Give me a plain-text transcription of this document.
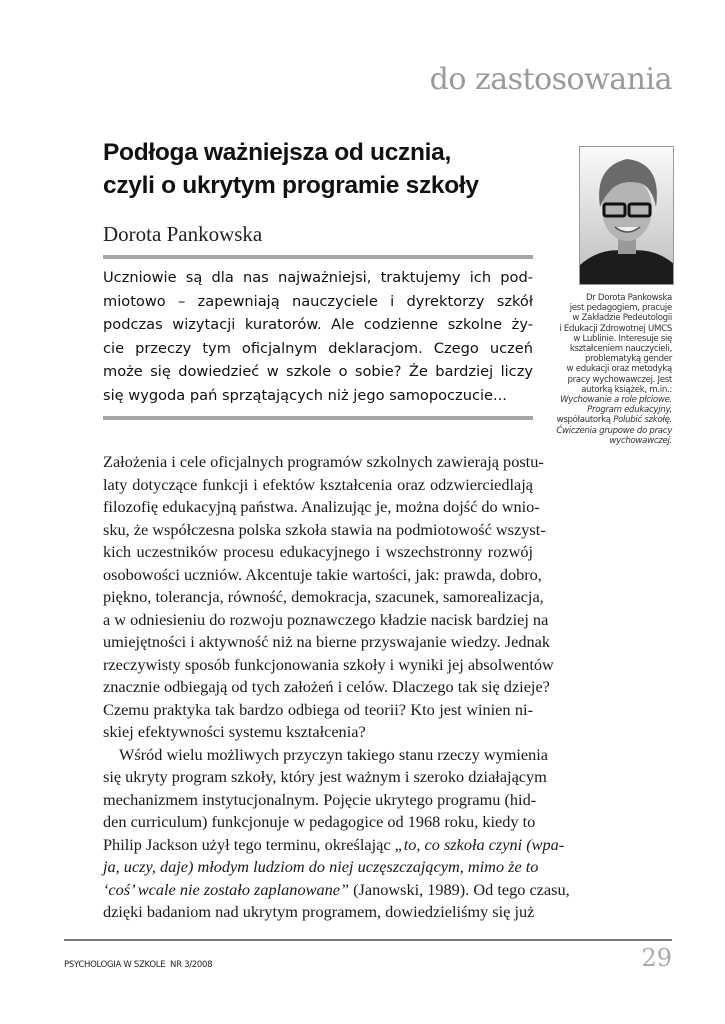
do zastosowania
Podłoga ważniejsza od ucznia,
czyli o ukrytym programie szkoły
Dorota Pankowska
Uczniowie są dla nas najważniejsi, traktujemy ich pod-
miotowo – zapewniają nauczyciele i dyrektorzy szkół
podczas wizytacji kuratorów. Ale codzienne szkolne ży-
cie przeczy tym oficjalnym deklaracjom. Czego uczeń
może się dowiedzieć w szkole o sobie? Że bardziej liczy
się wygoda pań sprzątających niż jego samopoczucie...
Założenia i cele oficjalnych programów szkolnych zawierają postu-
laty dotyczące funkcji i efektów kształcenia oraz odzwierciedlają
filozofię edukacyjną państwa. Analizując je, można dojść do wnio-
sku, że współczesna polska szkoła stawia na podmiotowość wszyst-
kich uczestników procesu edukacyjnego i wszechstronny rozwój
osobowości uczniów. Akcentuje takie wartości, jak: prawda, dobro,
piękno, tolerancja, równość, demokracja, szacunek, samorealizacja,
a w odniesieniu do rozwoju poznawczego kładzie nacisk bardziej na
umiejętności i aktywność niż na bierne przyswajanie wiedzy. Jednak
rzeczywisty sposób funkcjonowania szkoły i wyniki jej absolwentów
znacznie odbiegają od tych założeń i celów. Dlaczego tak się dzieje?
Czemu praktyka tak bardzo odbiega od teorii? Kto jest winien ni-
skiej efektywności systemu kształcenia?
Wśród wielu możliwych przyczyn takiego stanu rzeczy wymienia
się ukryty program szkoły, który jest ważnym i szeroko działającym
mechanizmem instytucjonalnym. Pojęcie ukrytego programu (hid-
den curriculum) funkcjonuje w pedagogice od 1968 roku, kiedy to
Philip Jackson użył tego terminu, określając „to, co szkoła czyni (wpa-
ja, uczy, daje) młodym ludziom do niej uczęszczającym, mimo że to
‘coś’ wcale nie zostało zaplanowane” (Janowski, 1989). Od tego czasu,
dzięki badaniom nad ukrytym programem, dowiedzieliśmy się już
Dr Dorota Pankowska
jest pedagogiem, pracuje
w Zakładzie Pedeutologii
i Edukacji Zdrowotnej UMCS
w Lublinie. Interesuje się
kształceniem nauczycieli,
problematyką gender
w edukacji oraz metodyką
pracy wychowawczej. Jest
autorką książek, m.in.:
Wychowanie a role płciowe.
Program edukacyjny,
współautorką Polubić szkołę.
Ćwiczenia grupowe do pracy
wychowawczej.
PSYCHOLOGIA W SZKOLE  NR 3/2008	29
